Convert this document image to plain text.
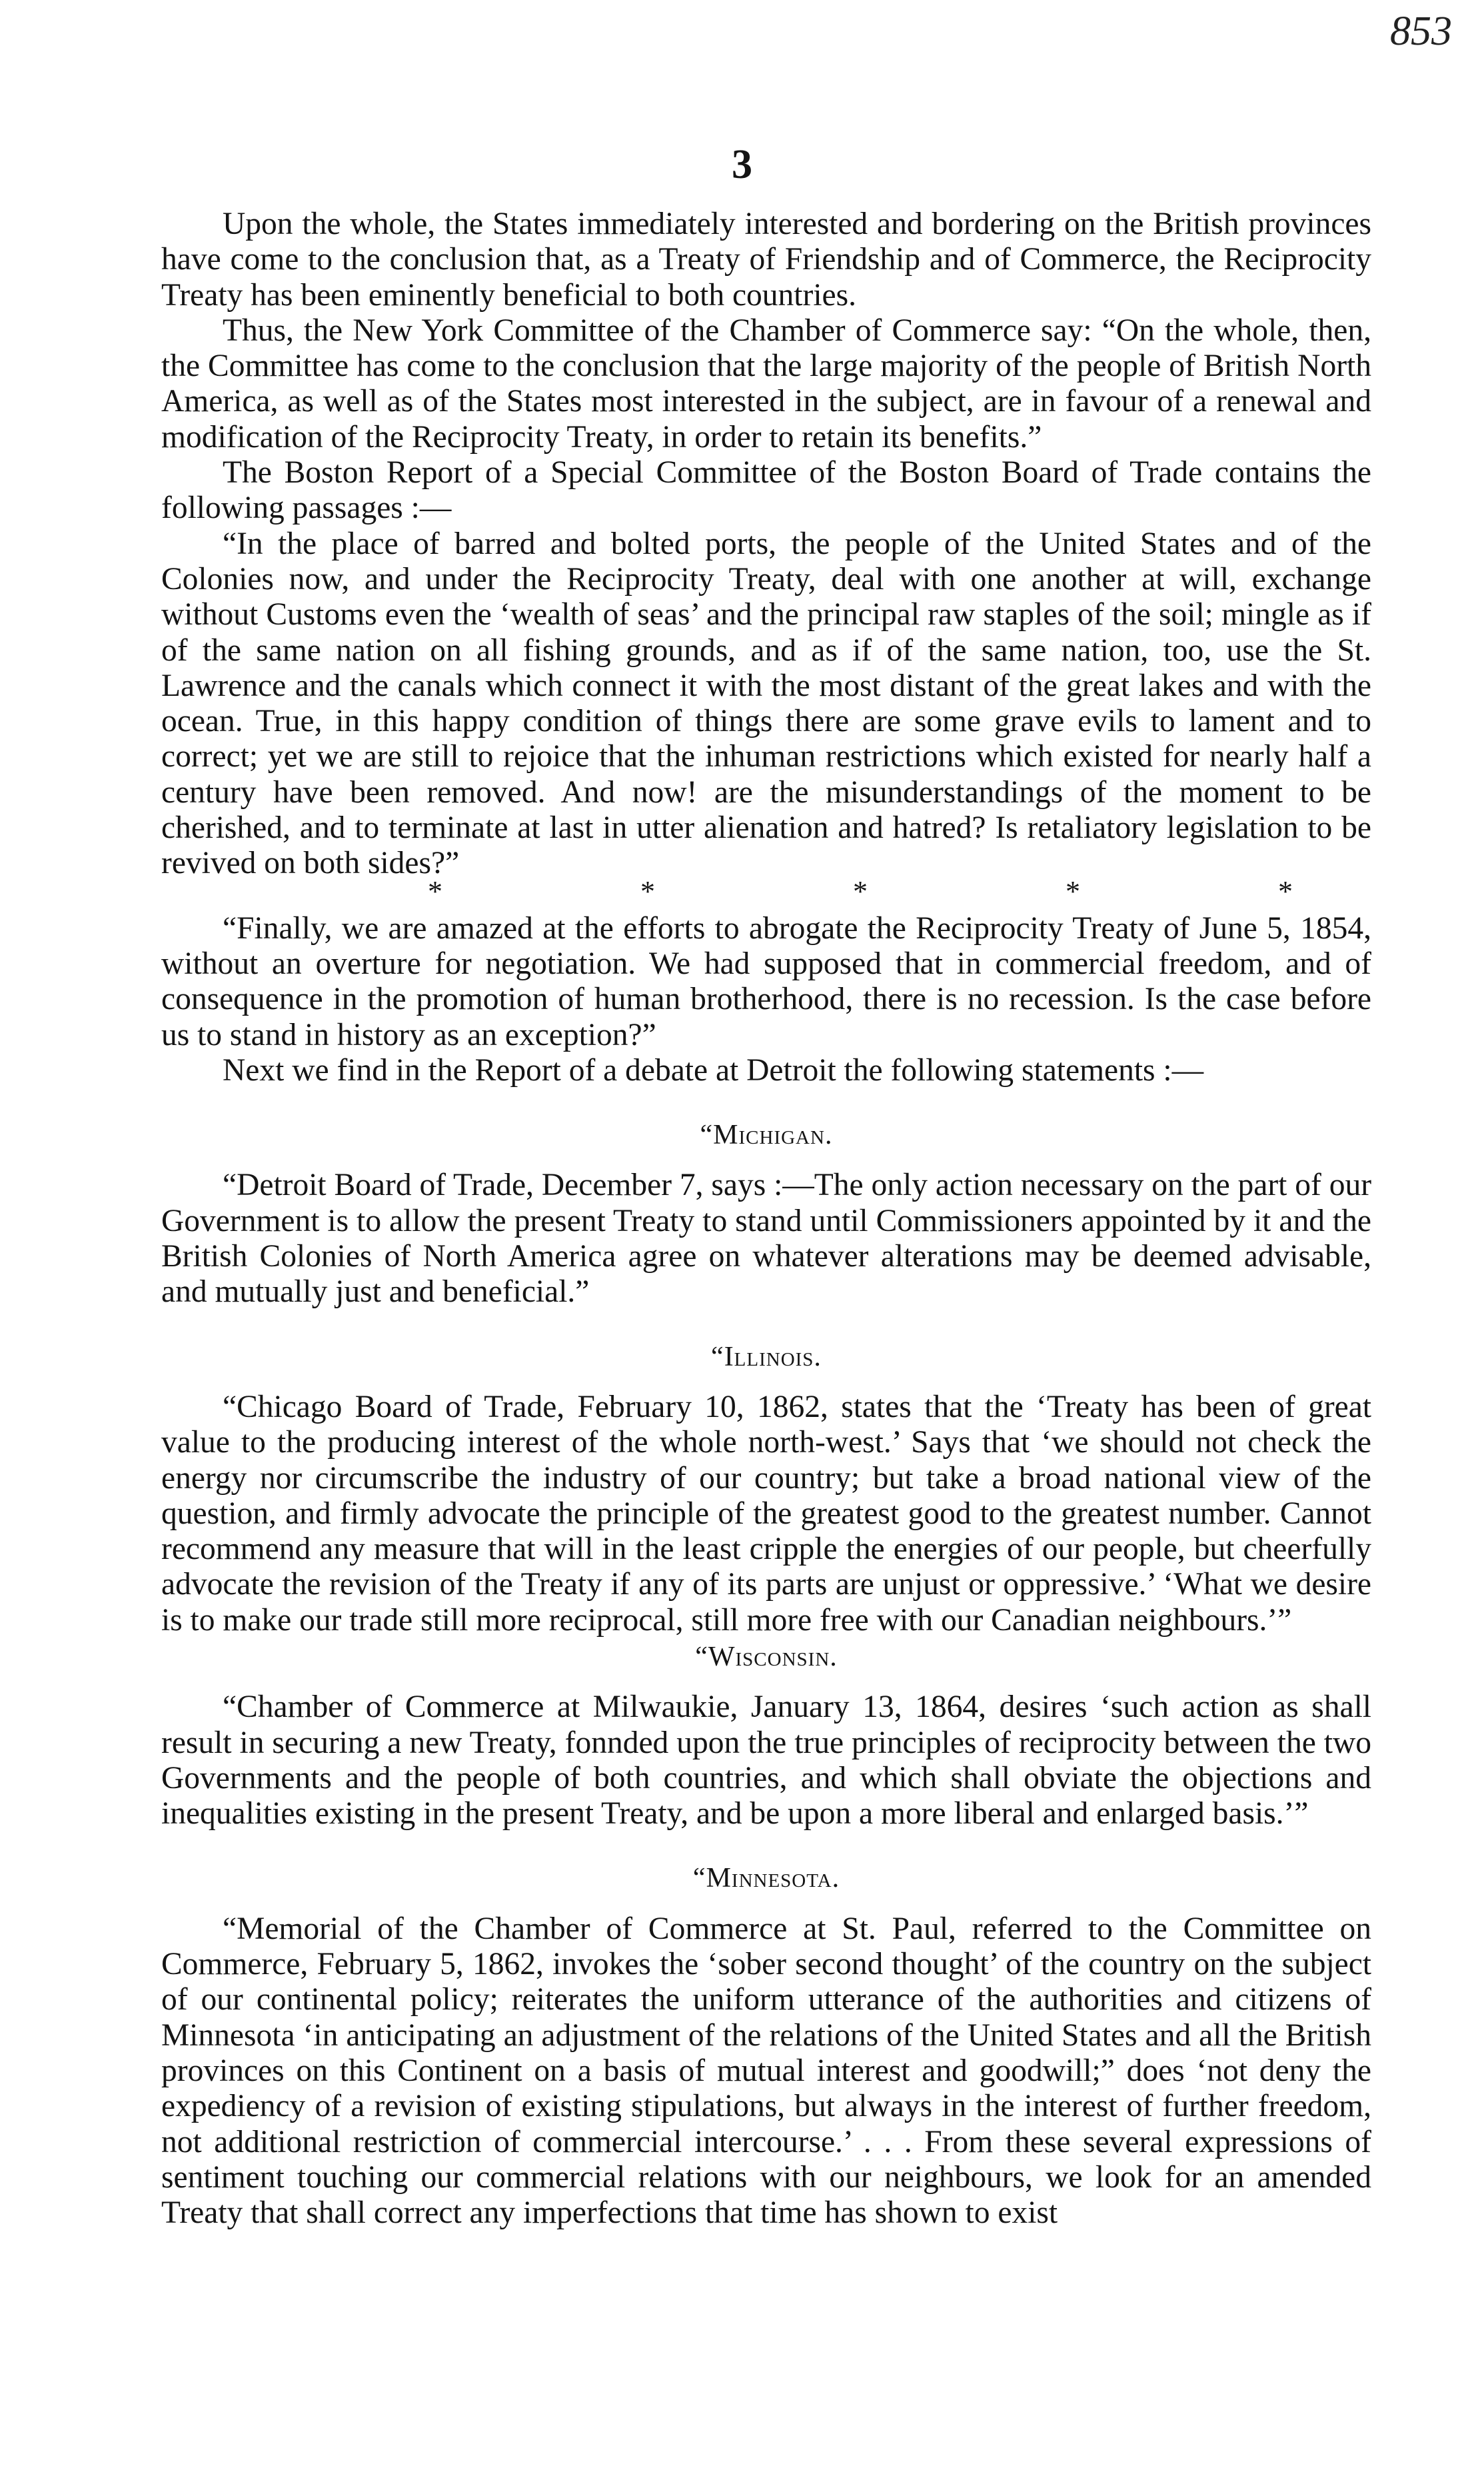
853
3

Upon the whole, the States immediately interested and bordering on the British provinces have come to the conclusion that, as a Treaty of Friendship and of Commerce, the Reciprocity Treaty has been eminently beneficial to both countries.

Thus, the New York Committee of the Chamber of Commerce say: “On the whole, then, the Committee has come to the conclusion that the large majority of the people of British North America, as well as of the States most interested in the subject, are in favour of a renewal and modification of the Reciprocity Treaty, in order to retain its benefits.”

The Boston Report of a Special Committee of the Boston Board of Trade contains the following passages :—

“In the place of barred and bolted ports, the people of the United States and of the Colonies now, and under the Reciprocity Treaty, deal with one another at will, exchange without Customs even the ‘wealth of seas’ and the principal raw staples of the soil; mingle as if of the same nation on all fishing grounds, and as if of the same nation, too, use the St. Lawrence and the canals which connect it with the most distant of the great lakes and with the ocean. True, in this happy condition of things there are some grave evils to lament and to correct; yet we are still to rejoice that the inhuman restrictions which existed for nearly half a century have been removed. And now! are the misunderstandings of the moment to be cherished, and to terminate at last in utter alienation and hatred? Is retaliatory legislation to be revived on both sides?”

*	*	*	*	*

“Finally, we are amazed at the efforts to abrogate the Reciprocity Treaty of June 5, 1854, without an overture for negotiation. We had supposed that in commercial freedom, and of consequence in the promotion of human brotherhood, there is no recession. Is the case before us to stand in history as an exception?”

Next we find in the Report of a debate at Detroit the following statements :—

“Michigan.

“Detroit Board of Trade, December 7, says :—The only action necessary on the part of our Government is to allow the present Treaty to stand until Commissioners appointed by it and the British Colonies of North America agree on whatever alterations may be deemed advisable, and mutually just and beneficial.”

“Illinois.

“Chicago Board of Trade, February 10, 1862, states that the ‘Treaty has been of great value to the producing interest of the whole north-west.’ Says that ‘we should not check the energy nor circumscribe the industry of our country; but take a broad national view of the question, and firmly advocate the principle of the greatest good to the greatest number. Cannot recommend any measure that will in the least cripple the energies of our people, but cheerfully advocate the revision of the Treaty if any of its parts are unjust or oppressive.’ ‘What we desire is to make our trade still more reciprocal, still more free with our Canadian neighbours.’”

“Wisconsin.

“Chamber of Commerce at Milwaukie, January 13, 1864, desires ‘such action as shall result in securing a new Treaty, fonnded upon the true principles of reciprocity between the two Governments and the people of both countries, and which shall obviate the objections and inequalities existing in the present Treaty, and be upon a more liberal and enlarged basis.’”

“Minnesota.

“Memorial of the Chamber of Commerce at St. Paul, referred to the Committee on Commerce, February 5, 1862, invokes the ‘sober second thought’ of the country on the subject of our continental policy; reiterates the uniform utterance of the authorities and citizens of Minnesota ‘in anticipating an adjustment of the relations of the United States and all the British provinces on this Continent on a basis of mutual interest and goodwill;” does ‘not deny the expediency of a revision of existing stipulations, but always in the interest of further freedom, not additional restriction of commercial intercourse.’ . . . From these several expressions of sentiment touching our commercial relations with our neighbours, we look for an amended Treaty that shall correct any imperfections that time has shown to exist
